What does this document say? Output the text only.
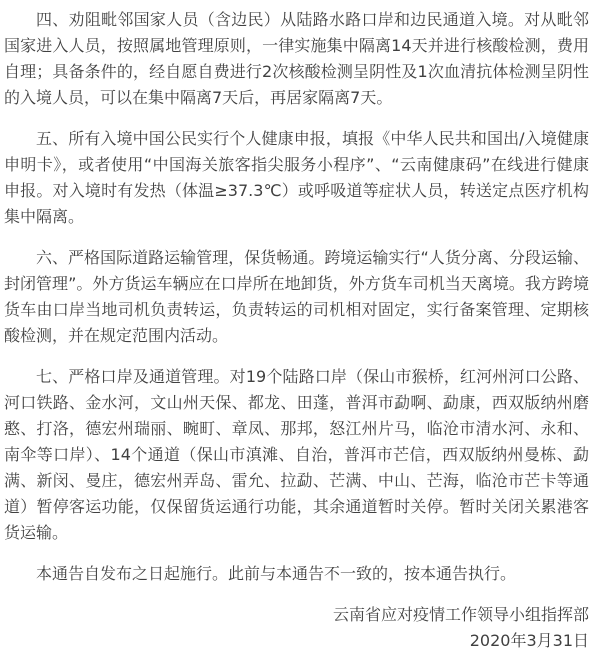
四、劝阻毗邻国家人员（含边民）从陆路水路口岸和边民通道入境。对从毗邻国家进入人员，按照属地管理原则，一律实施集中隔离14天并进行核酸检测，费用自理；具备条件的，经自愿自费进行2次核酸检测呈阴性及1次血清抗体检测呈阴性的入境人员，可以在集中隔离7天后，再居家隔离7天。

五、所有入境中国公民实行个人健康申报，填报《中华人民共和国出/入境健康申明卡》，或者使用“中国海关旅客指尖服务小程序”、“云南健康码”在线进行健康申报。对入境时有发热（体温≥37.3℃）或呼吸道等症状人员，转送定点医疗机构集中隔离。

六、严格国际道路运输管理，保货畅通。跨境运输实行“人货分离、分段运输、封闭管理”。外方货运车辆应在口岸所在地卸货，外方货车司机当天离境。我方跨境货车由口岸当地司机负责转运，负责转运的司机相对固定，实行备案管理、定期核酸检测，并在规定范围内活动。

七、严格口岸及通道管理。对19个陆路口岸（保山市猴桥，红河州河口公路、河口铁路、金水河，文山州天保、都龙、田蓬，普洱市勐啊、勐康，西双版纳州磨憨、打洛，德宏州瑞丽、畹町、章凤、那邦，怒江州片马，临沧市清水河、永和、南伞等口岸）、14个通道（保山市滇滩、自治，普洱市芒信，西双版纳州曼栋、勐满、新闵、曼庄，德宏州弄岛、雷允、拉勐、芒满、中山、芒海，临沧市芒卡等通道）暂停客运功能，仅保留货运通行功能，其余通道暂时关停。暂时关闭关累港客货运输。

本通告自发布之日起施行。此前与本通告不一致的，按本通告执行。

云南省应对疫情工作领导小组指挥部
2020年3月31日
